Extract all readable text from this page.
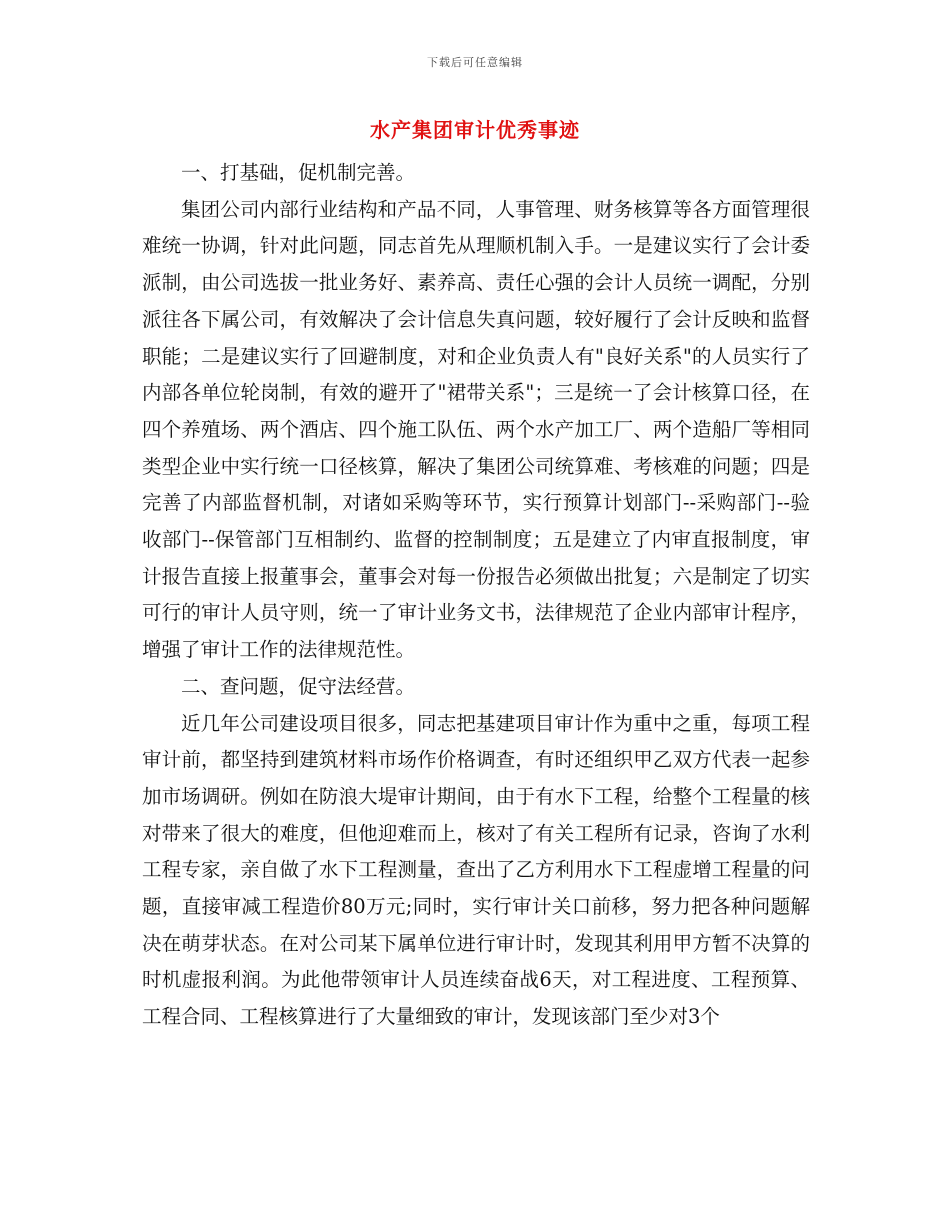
下载后可任意编辑
水产集团审计优秀事迹

一、打基础，促机制完善。

集团公司内部行业结构和产品不同，人事管理、财务核算等各方面管理很难统一协调，针对此问题，同志首先从理顺机制入手。一是建议实行了会计委派制，由公司选拔一批业务好、素养高、责任心强的会计人员统一调配，分别派往各下属公司，有效解决了会计信息失真问题，较好履行了会计反映和监督职能；二是建议实行了回避制度，对和企业负责人有"良好关系"的人员实行了内部各单位轮岗制，有效的避开了"裙带关系"；三是统一了会计核算口径，在四个养殖场、两个酒店、四个施工队伍、两个水产加工厂、两个造船厂等相同类型企业中实行统一口径核算，解决了集团公司统算难、考核难的问题；四是完善了内部监督机制，对诸如采购等环节，实行预算计划部门--采购部门--验收部门--保管部门互相制约、监督的控制制度；五是建立了内审直报制度，审计报告直接上报董事会，董事会对每一份报告必须做出批复；六是制定了切实可行的审计人员守则，统一了审计业务文书，法律规范了企业内部审计程序，增强了审计工作的法律规范性。

二、查问题，促守法经营。

近几年公司建设项目很多，同志把基建项目审计作为重中之重，每项工程审计前，都坚持到建筑材料市场作价格调查，有时还组织甲乙双方代表一起参加市场调研。例如在防浪大堤审计期间，由于有水下工程，给整个工程量的核对带来了很大的难度，但他迎难而上，核对了有关工程所有记录，咨询了水利工程专家，亲自做了水下工程测量，查出了乙方利用水下工程虚增工程量的问题，直接审减工程造价80万元;同时，实行审计关口前移，努力把各种问题解决在萌芽状态。在对公司某下属单位进行审计时，发现其利用甲方暂不决算的时机虚报利润。为此他带领审计人员连续奋战6天，对工程进度、工程预算、工程合同、工程核算进行了大量细致的审计，发现该部门至少对3个
